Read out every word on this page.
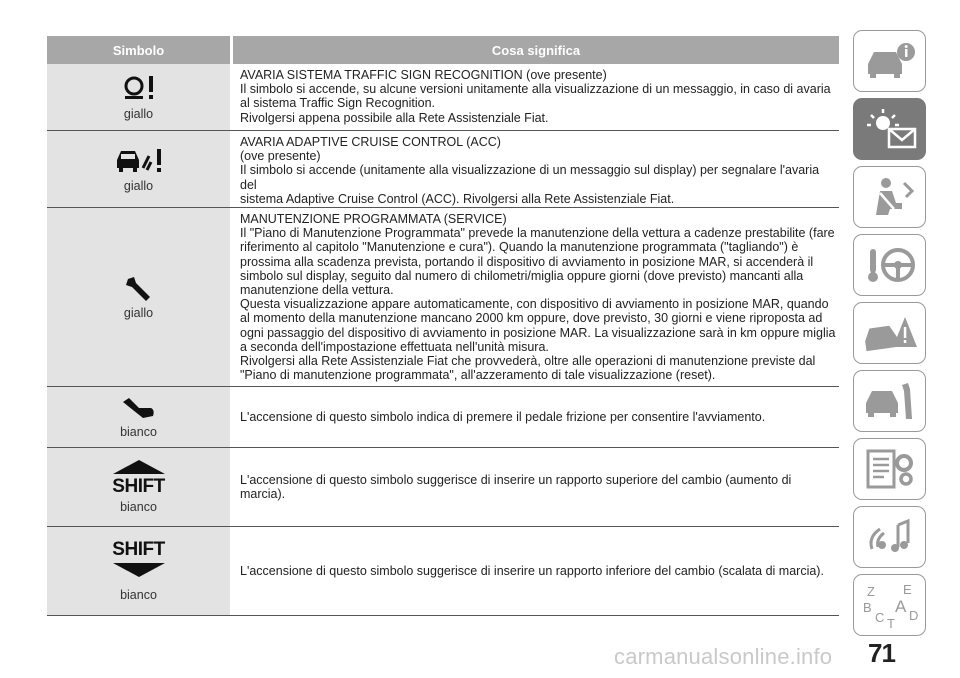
Simbolo	Cosa significa
giallo
AVARIA SISTEMA TRAFFIC SIGN RECOGNITION (ove presente)
Il simbolo si accende, su alcune versioni unitamente alla visualizzazione di un messaggio, in caso di avaria
al sistema Traffic Sign Recognition.
Rivolgersi appena possibile alla Rete Assistenziale Fiat.
giallo
AVARIA ADAPTIVE CRUISE CONTROL (ACC)
(ove presente)
Il simbolo si accende (unitamente alla visualizzazione di un messaggio sul display) per segnalare l'avaria del
sistema Adaptive Cruise Control (ACC). Rivolgersi alla Rete Assistenziale Fiat.
giallo
MANUTENZIONE PROGRAMMATA (SERVICE)
Il "Piano di Manutenzione Programmata" prevede la manutenzione della vettura a cadenze prestabilite (fare
riferimento al capitolo "Manutenzione e cura"). Quando la manutenzione programmata ("tagliando") è
prossima alla scadenza prevista, portando il dispositivo di avviamento in posizione MAR, si accenderà il
simbolo sul display, seguito dal numero di chilometri/miglia oppure giorni (dove previsto) mancanti alla
manutenzione della vettura.
Questa visualizzazione appare automaticamente, con dispositivo di avviamento in posizione MAR, quando
al momento della manutenzione mancano 2000 km oppure, dove previsto, 30 giorni e viene riproposta ad
ogni passaggio del dispositivo di avviamento in posizione MAR. La visualizzazione sarà in km oppure miglia
a seconda dell'impostazione effettuata nell'unità misura.
Rivolgersi alla Rete Assistenziale Fiat che provvederà, oltre alle operazioni di manutenzione previste dal
"Piano di manutenzione programmata", all'azzeramento di tale visualizzazione (reset).
bianco
L'accensione di questo simbolo indica di premere il pedale frizione per consentire l'avviamento.
SHIFT
bianco
L'accensione di questo simbolo suggerisce di inserire un rapporto superiore del cambio (aumento di
marcia).
SHIFT
bianco
L'accensione di questo simbolo suggerisce di inserire un rapporto inferiore del cambio (scalata di marcia).
Z E
B A
C T
D
71
carmanualsonline.info
